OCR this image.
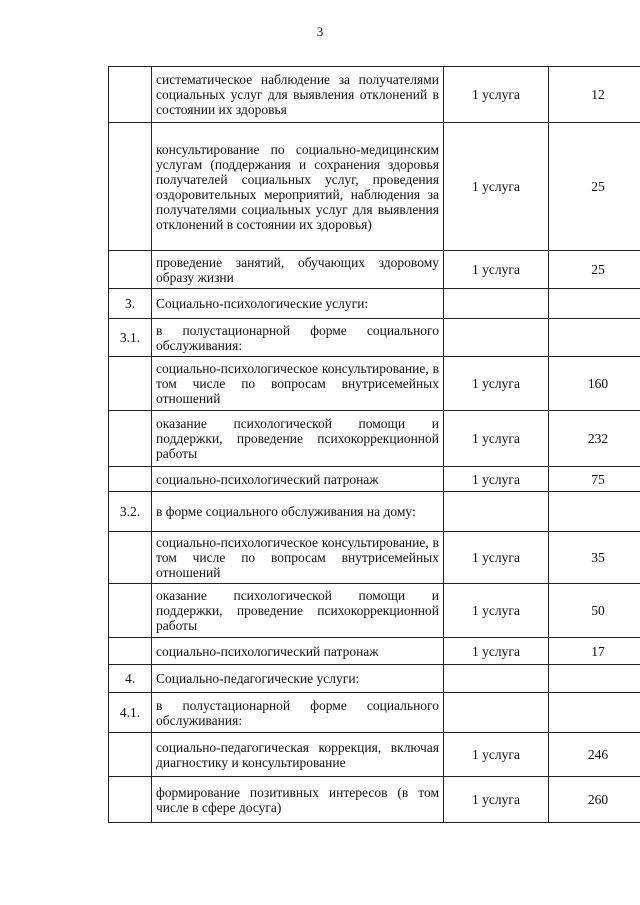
3
	систематическое наблюдение за получателями социальных услуг для выявления отклонений в состоянии их здоровья	1 услуга	12
	консультирование по социально-медицинским услугам (поддержания и сохранения здоровья получателей социальных услуг, проведения оздоровительных мероприятий, наблюдения за получателями социальных услуг для выявления отклонений в состоянии их здоровья)	1 услуга	25
	проведение занятий, обучающих здоровому образу жизни	1 услуга	25
3.	Социально-психологические услуги:		
3.1.	в полустационарной форме социального обслуживания:		
	социально-психологическое консультирование, в том числе по вопросам внутрисемейных отношений	1 услуга	160
	оказание психологической помощи и поддержки, проведение психокоррекционной работы	1 услуга	232
	социально-психологический патронаж	1 услуга	75
3.2.	в форме социального обслуживания на дому:		
	социально-психологическое консультирование, в том числе по вопросам внутрисемейных отношений	1 услуга	35
	оказание психологической помощи и поддержки, проведение психокоррекционной работы	1 услуга	50
	социально-психологический патронаж	1 услуга	17
4.	Социально-педагогические услуги:		
4.1.	в полустационарной форме социального обслуживания:		
	социально-педагогическая коррекция, включая диагностику и консультирование	1 услуга	246
	формирование позитивных интересов (в том числе в сфере досуга)	1 услуга	260
